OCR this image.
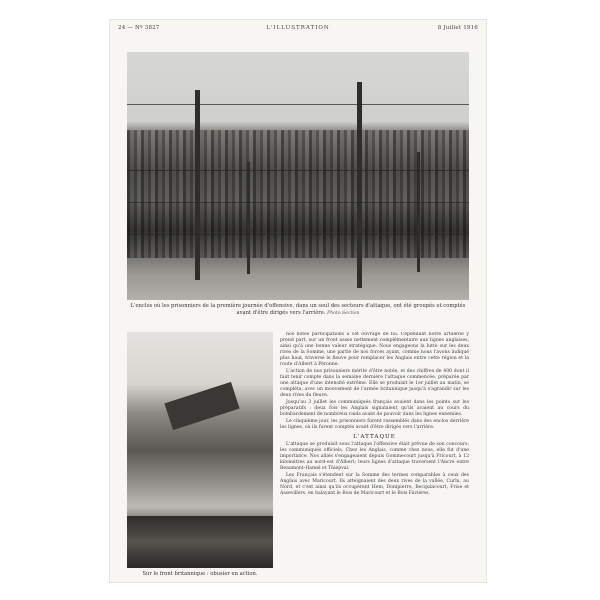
24 — Nº 3827	L'ILLUSTRATION	8 Juillet 1916
L'enclos où les prisonniers de la première journée d'offensive, dans un seul des secteurs d'attaque, ont été groupés et comptés avant d'être dirigés vers l'arrière. Photo Section
Sur le front britannique : obusier en action.

nos notes participations à cet ouvrage de foi. Cependant notre artillerie y prend part, sur un front assez nettement complémentaire aux lignes anglaises, ainsi qu'à une bonne valeur stratégique. Nous engageons la lutte sur les deux rives de la Somme, une partie de nos forces ayant, comme nous l'avons indiqué plus haut, traversé le fleuve pour remplacer les Anglais entre cette région et la route d'Albert à Péronne.

L'action de nos prisonniers mérite d'être notée, et des chiffres de 400 dont il faut tenir compte dans la semaine dernière l'attaque commencée, préparée par une attaque d'une intensité extrême. Elle se produisit le 1er juillet au matin, se compléta, avec un mouvement de l'armée britannique jusqu'à s'agrandir sur les deux rives du fleuve.

Jusqu'au 3 juillet les communiqués français avaient dans les points sur les préparatifs : deux fois les Anglais signalaient qu'ils avaient au cours du bombardement de nombreux raids avant de pouvoir dans les lignes ennemies.

Le cinquième jour, les prisonniers furent rassemblés dans des enclos derrière les lignes, où ils furent comptés avant d'être dirigés vers l'arrière.

L'ATTAQUE

L'attaque se produisit sous l'attaque l'offensive était prévue de son concours; les communiqués officiels. Chez les Anglais, comme chez nous, elle fut d'une importance. Nos alliés s'engageaient depuis Gommecourt jusqu'à Fricourt, à 12 kilomètres au nord-est d'Albert; leurs lignes d'attaque traversent l'Ancre entre Beaumont-Hamel et Thiepval.

Les Français s'étendent sur la Somme des termes comparables à ceux des Anglais avec Maricourt. Ils atteignaient des deux rives de la vallée, Curlu, au Nord, et c'est ainsi qu'ils occupèrent Hem, Dompierre, Becquincourt, Frise et Assevillers, en balayant le Bois de Maricourt et le Bois Favières.
